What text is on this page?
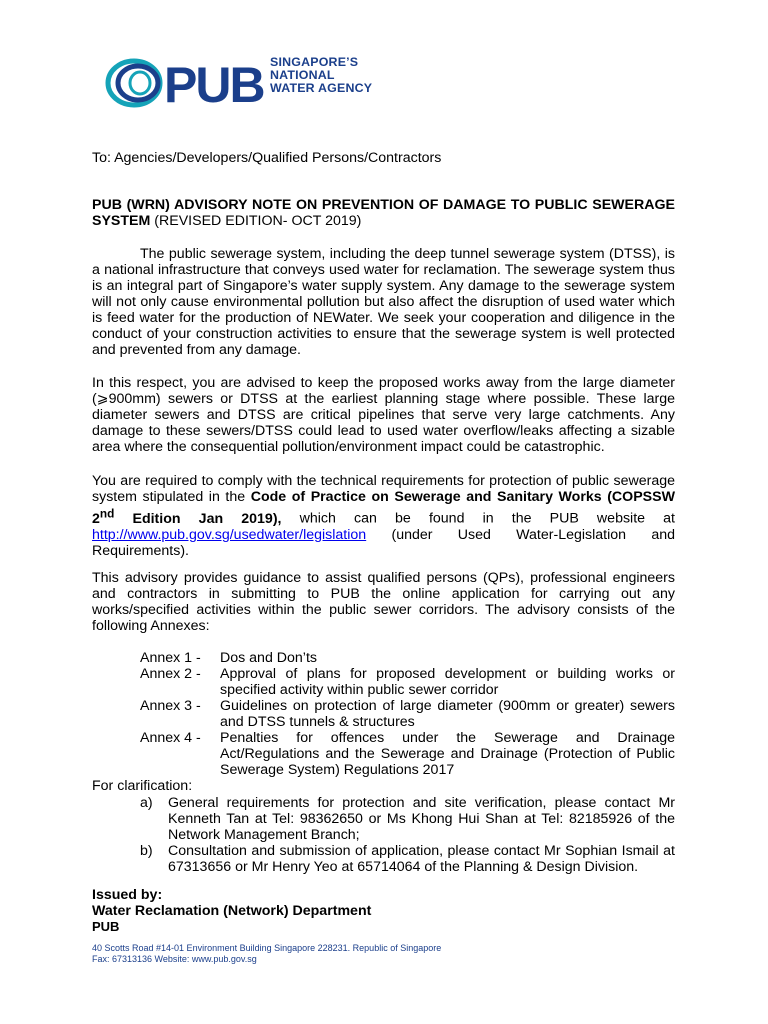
PUB SINGAPORE’S
NATIONAL
WATER AGENCY
To: Agencies/Developers/Qualified Persons/Contractors
PUB (WRN) ADVISORY NOTE ON PREVENTION OF DAMAGE TO PUBLIC SEWERAGE SYSTEM (REVISED EDITION- OCT 2019)
The public sewerage system, including the deep tunnel sewerage system (DTSS), is a national infrastructure that conveys used water for reclamation. The sewerage system thus is an integral part of Singapore’s water supply system. Any damage to the sewerage system will not only cause environmental pollution but also affect the disruption of used water which is feed water for the production of NEWater. We seek your cooperation and diligence in the conduct of your construction activities to ensure that the sewerage system is well protected and prevented from any damage.
In this respect, you are advised to keep the proposed works away from the large diameter (⩾900mm) sewers or DTSS at the earliest planning stage where possible. These large diameter sewers and DTSS are critical pipelines that serve very large catchments. Any damage to these sewers/DTSS could lead to used water overflow/leaks affecting a sizable area where the consequential pollution/environment impact could be catastrophic.
You are required to comply with the technical requirements for protection of public sewerage system stipulated in the Code of Practice on Sewerage and Sanitary Works (COPSSW 2nd Edition Jan 2019), which can be found in the PUB website at http://www.pub.gov.sg/usedwater/legislation (under Used Water-Legislation and Requirements).
This advisory provides guidance to assist qualified persons (QPs), professional engineers and contractors in submitting to PUB the online application for carrying out any works/specified activities within the public sewer corridors. The advisory consists of the following Annexes:
Annex 1 -	Dos and Don’ts
Annex 2 -	Approval of plans for proposed development or building works or specified activity within public sewer corridor
Annex 3 -	Guidelines on protection of large diameter (900mm or greater) sewers and DTSS tunnels & structures
Annex 4 -	Penalties for offences under the Sewerage and Drainage Act/Regulations and the Sewerage and Drainage (Protection of Public Sewerage System) Regulations 2017
For clarification:
a)	General requirements for protection and site verification, please contact Mr Kenneth Tan at Tel: 98362650 or Ms Khong Hui Shan at Tel: 82185926 of the Network Management Branch;
b)	Consultation and submission of application, please contact Mr Sophian Ismail at 67313656 or Mr Henry Yeo at 65714064 of the Planning & Design Division.
Issued by:
Water Reclamation (Network) Department
PUB
40 Scotts Road #14-01 Environment Building Singapore 228231. Republic of Singapore
Fax: 67313136 Website: www.pub.gov.sg
